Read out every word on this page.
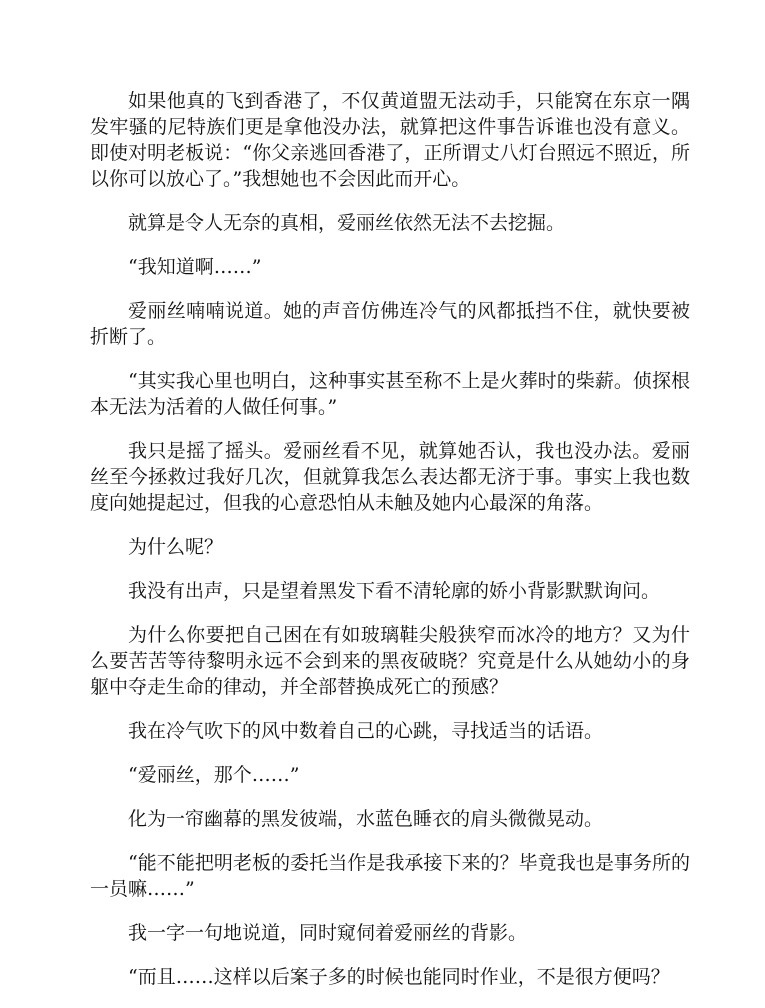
如果他真的飞到香港了，不仅黄道盟无法动手，只能窝在东京一隅发牢骚的尼特族们更是拿他没办法，就算把这件事告诉谁也没有意义。即使对明老板说：“你父亲逃回香港了，正所谓丈八灯台照远不照近，所以你可以放心了。”我想她也不会因此而开心。

就算是令人无奈的真相，爱丽丝依然无法不去挖掘。

“我知道啊……”

爱丽丝喃喃说道。她的声音仿佛连冷气的风都抵挡不住，就快要被折断了。

“其实我心里也明白，这种事实甚至称不上是火葬时的柴薪。侦探根本无法为活着的人做任何事。”

我只是摇了摇头。爱丽丝看不见，就算她否认，我也没办法。爱丽丝至今拯救过我好几次，但就算我怎么表达都无济于事。事实上我也数度向她提起过，但我的心意恐怕从未触及她内心最深的角落。

为什么呢？

我没有出声，只是望着黑发下看不清轮廓的娇小背影默默询问。

为什么你要把自己困在有如玻璃鞋尖般狭窄而冰冷的地方？又为什么要苦苦等待黎明永远不会到来的黑夜破晓？究竟是什么从她幼小的身躯中夺走生命的律动，并全部替换成死亡的预感？

我在冷气吹下的风中数着自己的心跳，寻找适当的话语。

“爱丽丝，那个……”

化为一帘幽幕的黑发彼端，水蓝色睡衣的肩头微微晃动。

“能不能把明老板的委托当作是我承接下来的？毕竟我也是事务所的一员嘛……”

我一字一句地说道，同时窥伺着爱丽丝的背影。

“而且……这样以后案子多的时候也能同时作业，不是很方便吗？
